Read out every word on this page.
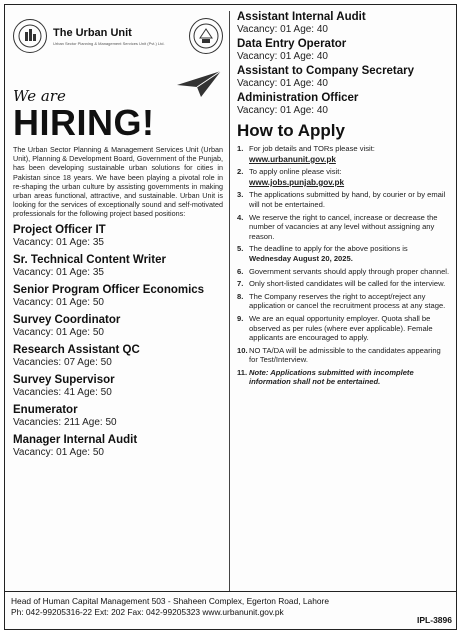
The Urban Unit
Urban Sector Planning & Management Services Unit (Pvt.) Ltd.
We are
HIRING!

The Urban Sector Planning & Management Services Unit (Urban Unit), Planning & Development Board, Government of the Punjab, has been developing sustainable urban solutions for cities in Pakistan since 18 years. We have been playing a pivotal role in re-shaping the urban culture by assisting governments in making urban areas functional, attractive, and sustainable. Urban Unit is looking for the services of exceptionally sound and self-motivated professionals for the following project based positions:

Project Officer IT
Vacancy: 01 Age: 35
Sr. Technical Content Writer
Vacancy: 01 Age: 35
Senior Program Officer Economics
Vacancy: 01 Age: 50
Survey Coordinator
Vacancy: 01 Age: 50
Research Assistant QC
Vacancies: 07 Age: 50
Survey Supervisor
Vacancies: 41 Age: 50
Enumerator
Vacancies: 211 Age: 50
Manager Internal Audit
Vacancy: 01 Age: 50
Assistant Internal Audit
Vacancy: 01 Age: 40
Data Entry Operator
Vacancy: 01 Age: 40
Assistant to Company Secretary
Vacancy: 01 Age: 40
Administration Officer
Vacancy: 01 Age: 40
How to Apply
1. For job details and TORs please visit:
www.urbanunit.gov.pk
2. To apply online please visit:
www.jobs.punjab.gov.pk
3. The applications submitted by hand, by courier or by email will not be entertained.
4. We reserve the right to cancel, increase or decrease the number of vacancies at any level without assigning any reason.
5. The deadline to apply for the above positions is Wednesday August 20, 2025.
6. Government servants should apply through proper channel.
7. Only short-listed candidates will be called for the interview.
8. The Company reserves the right to accept/reject any application or cancel the recruitment process at any stage.
9. We are an equal opportunity employer. Quota shall be observed as per rules (where ever applicable). Female applicants are encouraged to apply.
10. NO TA/DA will be admissible to the candidates appearing for Test/Interview.
11. Note: Applications submitted with incomplete information shall not be entertained.
Head of Human Capital Management 503 - Shaheen Complex, Egerton Road, Lahore
Ph: 042-99205316-22 Ext: 202 Fax: 042-99205323 www.urbanunit.gov.pk
IPL-3896
